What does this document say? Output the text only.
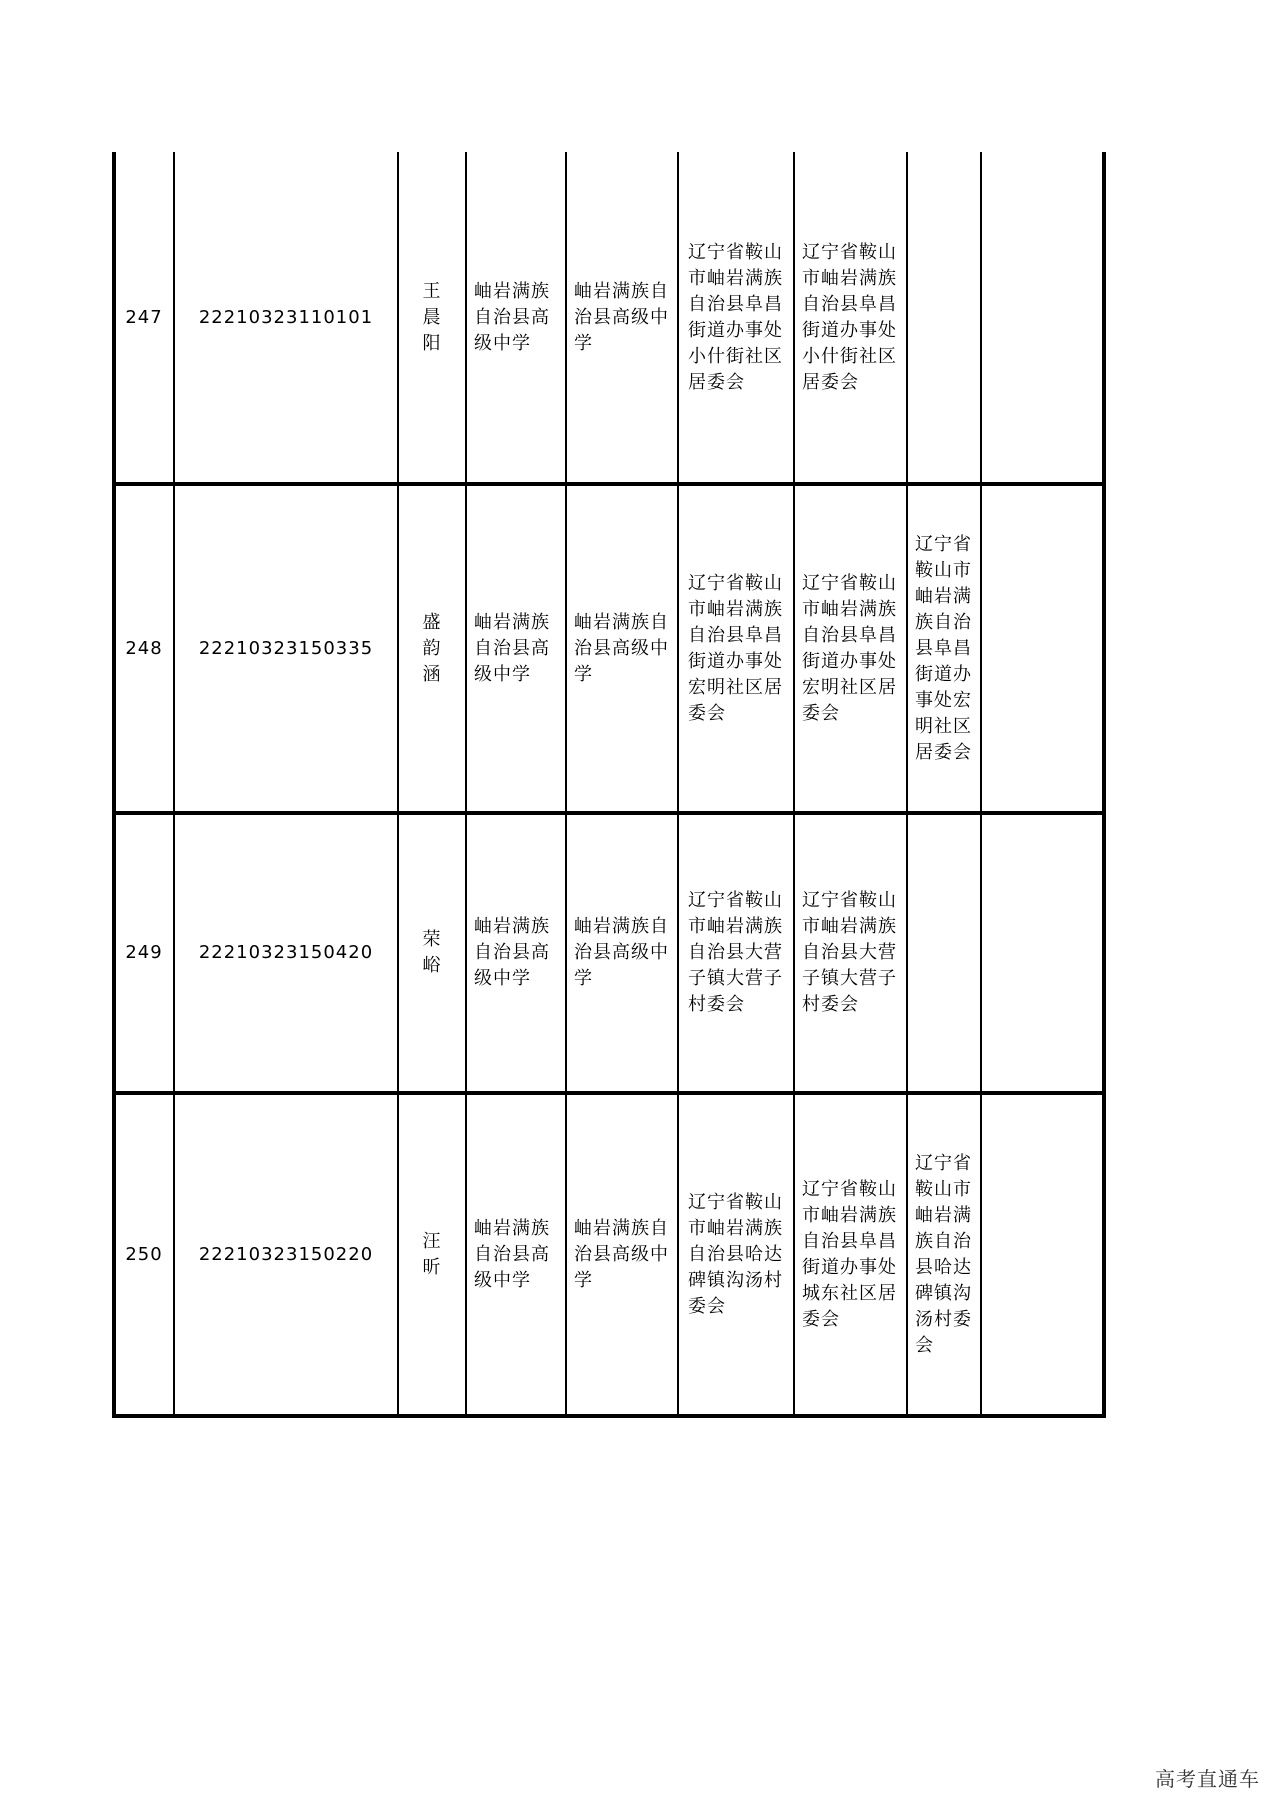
247 22210323110101
王晨阳
岫岩满族自治县高级中学
岫岩满族自治县高级中学
辽宁省鞍山市岫岩满族自治县阜昌街道办事处小什街社区居委会
辽宁省鞍山市岫岩满族自治县阜昌街道办事处小什街社区居委会
248 22210323150335
盛韵涵
岫岩满族自治县高级中学
岫岩满族自治县高级中学
辽宁省鞍山市岫岩满族自治县阜昌街道办事处宏明社区居委会
辽宁省鞍山市岫岩满族自治县阜昌街道办事处宏明社区居委会
辽宁省鞍山市岫岩满族自治县阜昌街道办事处宏明社区居委会
249 22210323150420
荣峪
岫岩满族自治县高级中学
岫岩满族自治县高级中学
辽宁省鞍山市岫岩满族自治县大营子镇大营子村委会
辽宁省鞍山市岫岩满族自治县大营子镇大营子村委会
250 22210323150220
汪昕
岫岩满族自治县高级中学
岫岩满族自治县高级中学
辽宁省鞍山市岫岩满族自治县哈达碑镇沟汤村委会
辽宁省鞍山市岫岩满族自治县阜昌街道办事处城东社区居委会
辽宁省鞍山市岫岩满族自治县哈达碑镇沟汤村委会
高考直通车
